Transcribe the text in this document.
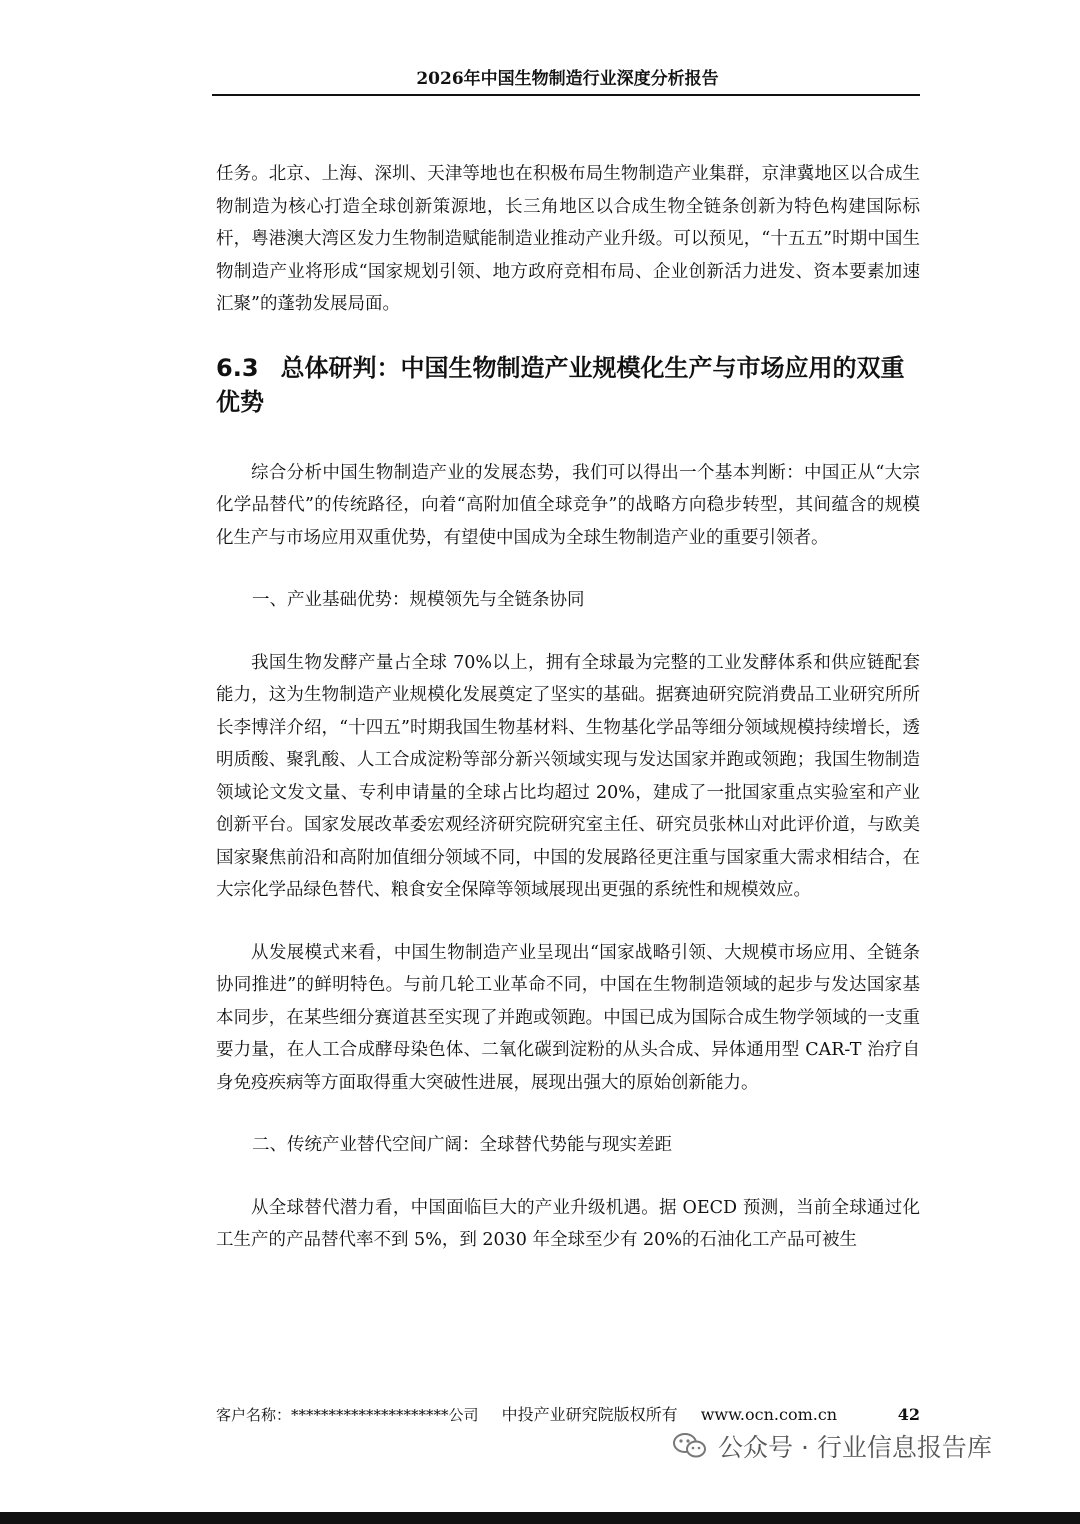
2026年中国生物制造行业深度分析报告

任务。北京、上海、深圳、天津等地也在积极布局生物制造产业集群，京津冀地区以合成生物制造为核心打造全球创新策源地，长三角地区以合成生物全链条创新为特色构建国际标杆，粤港澳大湾区发力生物制造赋能制造业推动产业升级。可以预见，“十五五”时期中国生物制造产业将形成“国家规划引领、地方政府竞相布局、企业创新活力进发、资本要素加速汇聚”的蓬勃发展局面。

6.3 总体研判：中国生物制造产业规模化生产与市场应用的双重优势

综合分析中国生物制造产业的发展态势，我们可以得出一个基本判断：中国正从“大宗化学品替代”的传统路径，向着“高附加值全球竞争”的战略方向稳步转型，其间蕴含的规模化生产与市场应用双重优势，有望使中国成为全球生物制造产业的重要引领者。

一、产业基础优势：规模领先与全链条协同

我国生物发酵产量占全球 70%以上，拥有全球最为完整的工业发酵体系和供应链配套能力，这为生物制造产业规模化发展奠定了坚实的基础。据赛迪研究院消费品工业研究所所长李博洋介绍，“十四五”时期我国生物基材料、生物基化学品等细分领域规模持续增长，透明质酸、聚乳酸、人工合成淀粉等部分新兴领域实现与发达国家并跑或领跑；我国生物制造领域论文发文量、专利申请量的全球占比均超过 20%，建成了一批国家重点实验室和产业创新平台。国家发展改革委宏观经济研究院研究室主任、研究员张林山对此评价道，与欧美国家聚焦前沿和高附加值细分领域不同，中国的发展路径更注重与国家重大需求相结合，在大宗化学品绿色替代、粮食安全保障等领域展现出更强的系统性和规模效应。

从发展模式来看，中国生物制造产业呈现出“国家战略引领、大规模市场应用、全链条协同推进”的鲜明特色。与前几轮工业革命不同，中国在生物制造领域的起步与发达国家基本同步，在某些细分赛道甚至实现了并跑或领跑。中国已成为国际合成生物学领域的一支重要力量，在人工合成酵母染色体、二氧化碳到淀粉的从头合成、异体通用型 CAR-T 治疗自身免疫疾病等方面取得重大突破性进展，展现出强大的原始创新能力。

二、传统产业替代空间广阔：全球替代势能与现实差距

从全球替代潜力看，中国面临巨大的产业升级机遇。据 OECD 预测，当前全球通过化工生产的产品替代率不到 5%，到 2030 年全球至少有 20%的石油化工产品可被生

客户名称：*********************公司 中投产业研究院版权所有 www.ocn.com.cn	42
公众号 · 行业信息报告库
